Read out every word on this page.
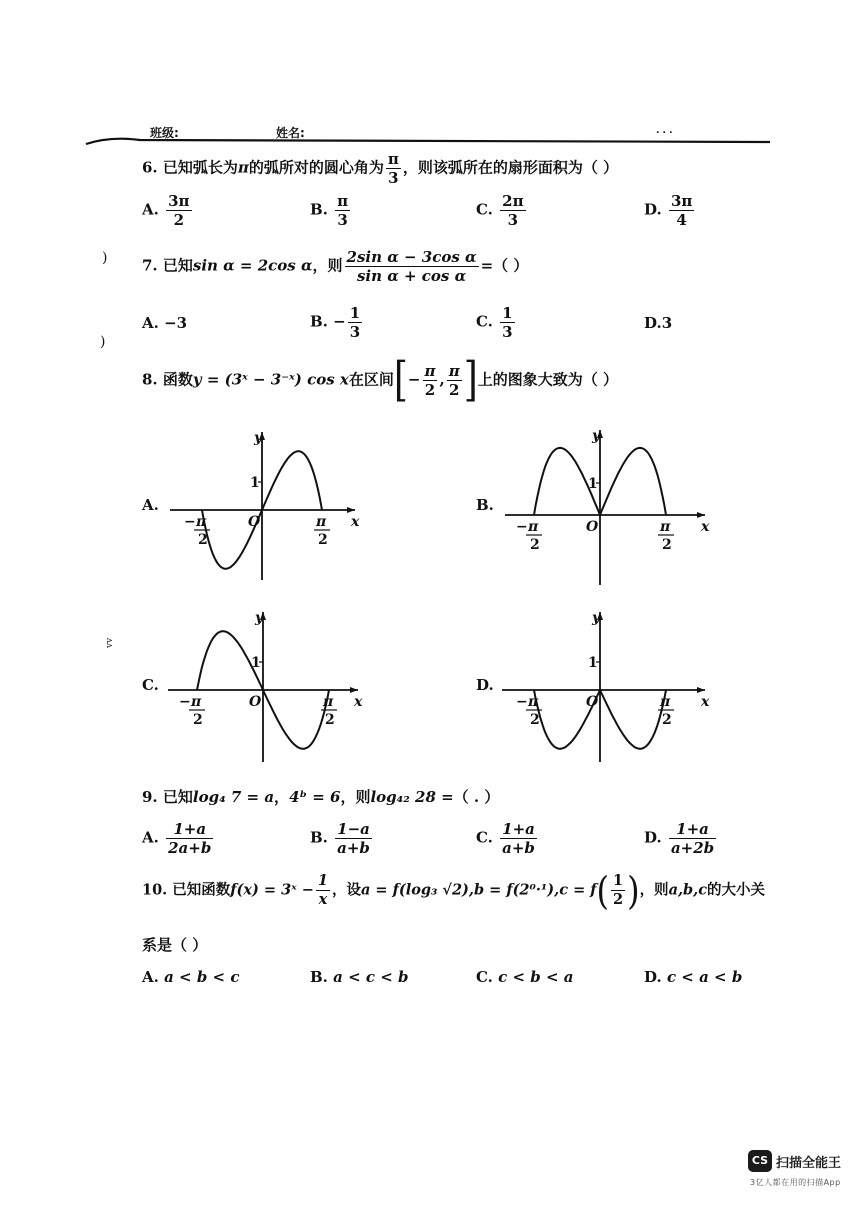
班级:	姓名:	. . .
)
)
ᴧᴧ
6. 已知弧长为π的弧所对的圆心角为 $\frac{\pi}{3}$ ，则该弧所在的扇形面积为（ ）
A. $\frac{3\pi}{2}$	B. $\frac{\pi}{3}$	C. $\frac{2\pi}{3}$	D. $\frac{3\pi}{4}$
7. 已知sin α = 2cos α，则 $\frac{\text{2sin α − 3cos α}}{\text{sin α + cos α}}$ =（ ）
A. −3	B. − $\frac{1}{3}$	C. $\frac{1}{3}$	D.3
8. 函数y = (3ˣ − 3⁻ˣ) cos x在区间[− $\frac{\pi}{2}$ , $\frac{\pi}{2}$ ]上的图象大致为（ ）
1
y
x
O
− π
2
π
2
A.
1
y
x
O
− π
2
π
2
B.
1
y
x
O
− π
2
π
2
C.
1
y
x
O
− π
2
π
2
D.
9. 已知log₄ 7 = a，4ᵇ = 6，则log₄₂ 28 =（ . ）
A. $\frac{1+a}{2a+b}$	B. $\frac{1-a}{a+b}$	C. $\frac{1+a}{a+b}$	D. $\frac{1+a}{a+2b}$
10. 已知函数f(x) = 3ˣ − $\frac{1}{x}$ ，设a = f(log₃ $√2),b = f(2^0\cdot^1),c = f( \frac{1}{2}$ )，则a,b,c的大小关
系是（ ）
A. a < b < c	B. a < c < b	C. c < b < a	D. c < a < b
CS 扫描全能王
3亿人都在用的扫描App
